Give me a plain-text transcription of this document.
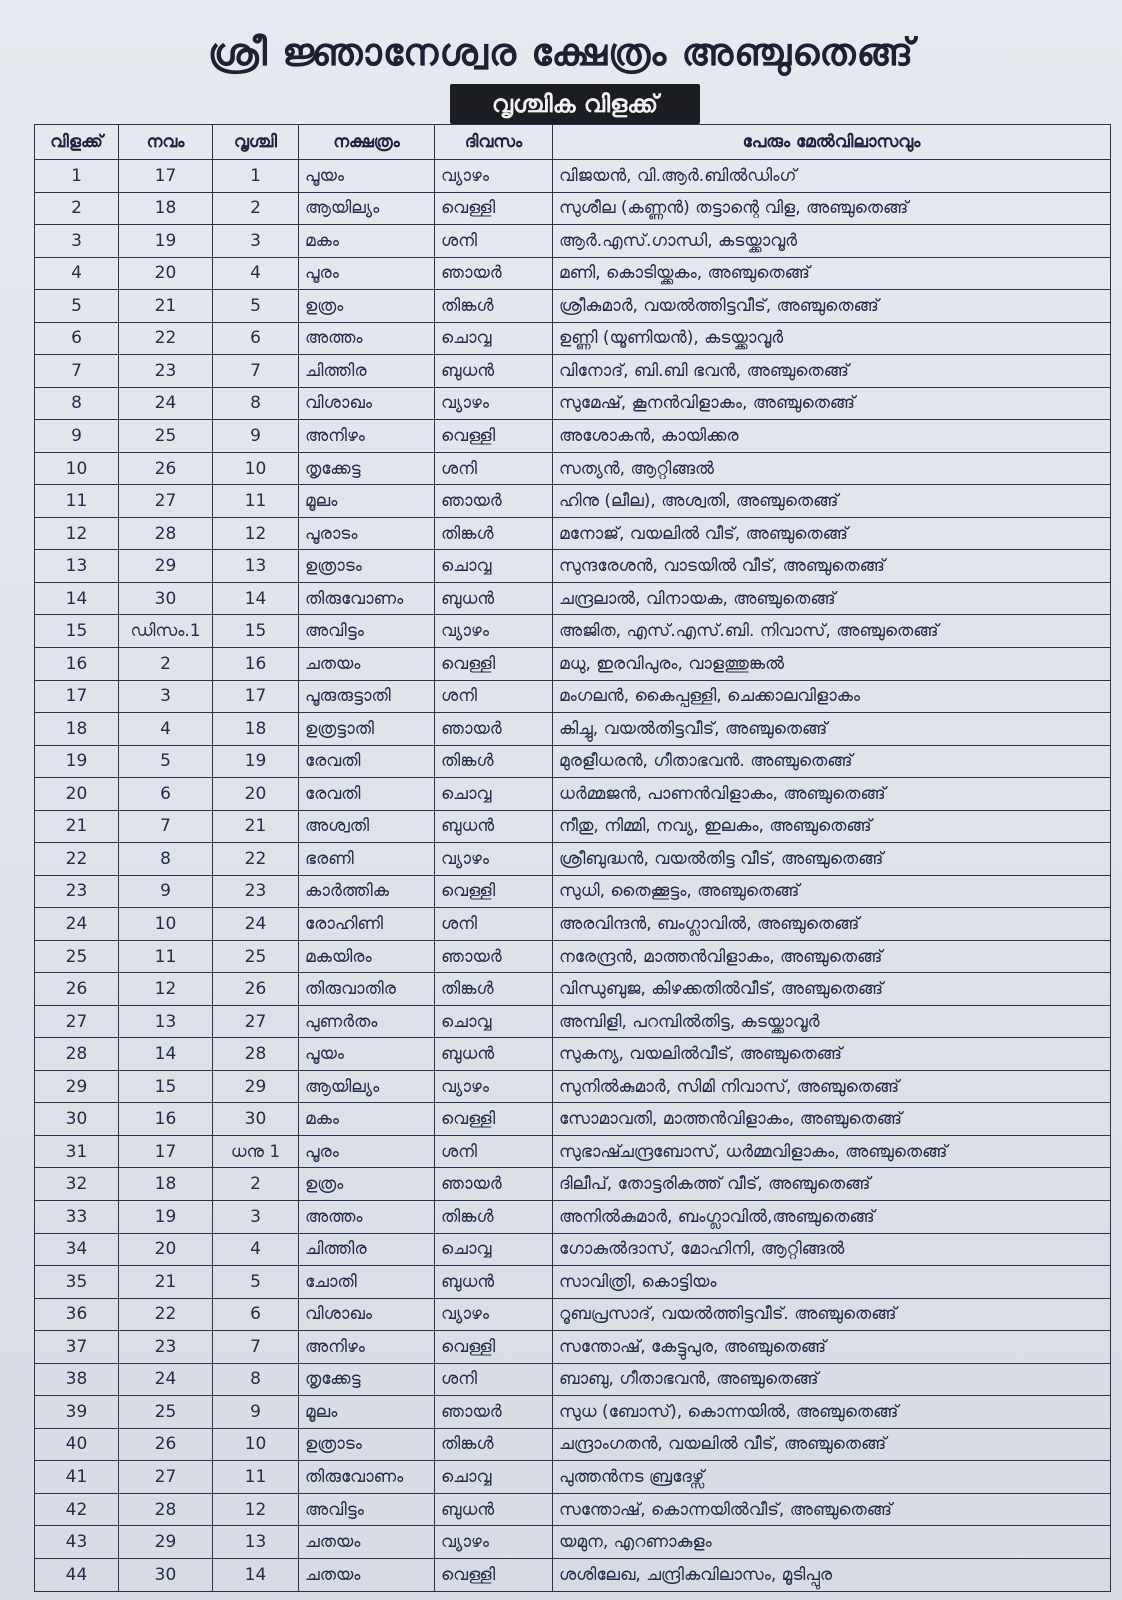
ശ്രീ ജ്ഞാനേശ്വര ക്ഷേത്രം അഞ്ചുതെങ്ങ്
വൃശ്ചിക വിളക്ക്
വിളക്ക്	നവം	വൃശ്ചി	നക്ഷത്രം	ദിവസം	പേരും മേൽവിലാസവും
1	17	1	പൂയം	വ്യാഴം	വിജയൻ, വി.ആർ.ബിൽഡിംഗ്
2	18	2	ആയില്യം	വെള്ളി	സുശീല (കണ്ണൻ) തട്ടാന്റെ വിള, അഞ്ചുതെങ്ങ്
3	19	3	മകം	ശനി	ആർ.എസ്.ഗാന്ധി, കടയ്ക്കാവൂർ
4	20	4	പൂരം	ഞായർ	മണി, കൊടിയ്ക്കകം, അഞ്ചുതെങ്ങ്
5	21	5	ഉത്രം	തിങ്കൾ	ശ്രീകുമാർ, വയൽത്തിട്ടവീട്, അഞ്ചുതെങ്ങ്
6	22	6	അത്തം	ചൊവ്വ	ഉണ്ണി (യൂണിയൻ), കടയ്ക്കാവൂർ
7	23	7	ചിത്തിര	ബുധൻ	വിനോദ്, ബി.ബി ഭവൻ, അഞ്ചുതെങ്ങ്
8	24	8	വിശാഖം	വ്യാഴം	സുമേഷ്, കൂനൻവിളാകം, അഞ്ചുതെങ്ങ്
9	25	9	അനിഴം	വെള്ളി	അശോകൻ, കായിക്കര
10	26	10	തൃക്കേട്ട	ശനി	സത്യൻ, ആറ്റിങ്ങൽ
11	27	11	മൂലം	ഞായർ	ഹിനു (ലീല), അശ്വതി, അഞ്ചുതെങ്ങ്
12	28	12	പൂരാടം	തിങ്കൾ	മനോജ്, വയലിൽ വീട്, അഞ്ചുതെങ്ങ്
13	29	13	ഉത്രാടം	ചൊവ്വ	സുന്ദരേശൻ, വാടയിൽ വീട്, അഞ്ചുതെങ്ങ്
14	30	14	തിരുവോണം	ബുധൻ	ചന്ദ്രലാൽ, വിനായക, അഞ്ചുതെങ്ങ്
15	ഡിസം.1	15	അവിട്ടം	വ്യാഴം	അജിത, എസ്.എസ്.ബി. നിവാസ്, അഞ്ചുതെങ്ങ്
16	2	16	ചതയം	വെള്ളി	മധു, ഇരവിപുരം, വാളത്തുങ്കൽ
17	3	17	പൂരുരുട്ടാതി	ശനി	മംഗലൻ, കൈപ്പള്ളി, ചെക്കാലവിളാകം
18	4	18	ഉത്രട്ടാതി	ഞായർ	കിച്ചു, വയൽതിട്ടവീട്, അഞ്ചുതെങ്ങ്
19	5	19	രേവതി	തിങ്കൾ	മുരളീധരൻ, ഗീതാഭവൻ. അഞ്ചുതെങ്ങ്
20	6	20	രേവതി	ചൊവ്വ	ധർമ്മജൻ, പാണൻവിളാകം, അഞ്ചുതെങ്ങ്
21	7	21	അശ്വതി	ബുധൻ	നീതു, നിമ്മി, നവ്യ, ഇലകം, അഞ്ചുതെങ്ങ്
22	8	22	ഭരണി	വ്യാഴം	ശ്രീബുദ്ധൻ, വയൽതിട്ട വീട്, അഞ്ചുതെങ്ങ്
23	9	23	കാർത്തിക	വെള്ളി	സുധി, തൈക്കൂട്ടം, അഞ്ചുതെങ്ങ്
24	10	24	രോഹിണി	ശനി	അരവിന്ദൻ, ബംഗ്ലാവിൽ, അഞ്ചുതെങ്ങ്
25	11	25	മകയിരം	ഞായർ	നരേന്ദ്രൻ, മാത്തൻവിളാകം, അഞ്ചുതെങ്ങ്
26	12	26	തിരുവാതിര	തിങ്കൾ	വിന്ധുബുജ, കിഴക്കതിൽവീട്, അഞ്ചുതെങ്ങ്
27	13	27	പുണർതം	ചൊവ്വ	അമ്പിളി, പറമ്പിൽതിട്ട, കടയ്ക്കാവൂർ
28	14	28	പൂയം	ബുധൻ	സുകന്യ, വയലിൽവീട്, അഞ്ചുതെങ്ങ്
29	15	29	ആയില്യം	വ്യാഴം	സുനിൽകുമാർ, സിമി നിവാസ്, അഞ്ചുതെങ്ങ്
30	16	30	മകം	വെള്ളി	സോമാവതി, മാത്തൻവിളാകം, അഞ്ചുതെങ്ങ്
31	17	ധനു 1	പൂരം	ശനി	സുഭാഷ്ചന്ദ്രബോസ്, ധർമ്മവിളാകം, അഞ്ചുതെങ്ങ്
32	18	2	ഉത്രം	ഞായർ	ദിലീപ്, തോട്ടരികത്ത് വീട്, അഞ്ചുതെങ്ങ്
33	19	3	അത്തം	തിങ്കൾ	അനിൽകുമാർ, ബംഗ്ലാവിൽ,അഞ്ചുതെങ്ങ്
34	20	4	ചിത്തിര	ചൊവ്വ	ഗോകുൽദാസ്, മോഹിനി, ആറ്റിങ്ങൽ
35	21	5	ചോതി	ബുധൻ	സാവിത്രി, കൊട്ടിയം
36	22	6	വിശാഖം	വ്യാഴം	റൂബപ്രസാദ്, വയൽത്തിട്ടവീട്. അഞ്ചുതെങ്ങ്
37	23	7	അനിഴം	വെള്ളി	സന്തോഷ്, കേട്ടുപുര, അഞ്ചുതെങ്ങ്
38	24	8	തൃക്കേട്ട	ശനി	ബാബു, ഗീതാഭവൻ, അഞ്ചുതെങ്ങ്
39	25	9	മൂലം	ഞായർ	സുധ (ബോസ്), കൊന്നയിൽ, അഞ്ചുതെങ്ങ്
40	26	10	ഉത്രാടം	തിങ്കൾ	ചന്ദ്രാംഗതൻ, വയലിൽ വീട്, അഞ്ചുതെങ്ങ്
41	27	11	തിരുവോണം	ചൊവ്വ	പുത്തൻനട ബ്രദേഴ്സ്
42	28	12	അവിട്ടം	ബുധൻ	സന്തോഷ്, കൊന്നയിൽവീട്, അഞ്ചുതെങ്ങ്
43	29	13	ചതയം	വ്യാഴം	യമുന, എറണാകുളം
44	30	14	ചതയം	വെള്ളി	ശശിലേഖ, ചന്ദ്രികവിലാസം, മൂടിപ്പുര
